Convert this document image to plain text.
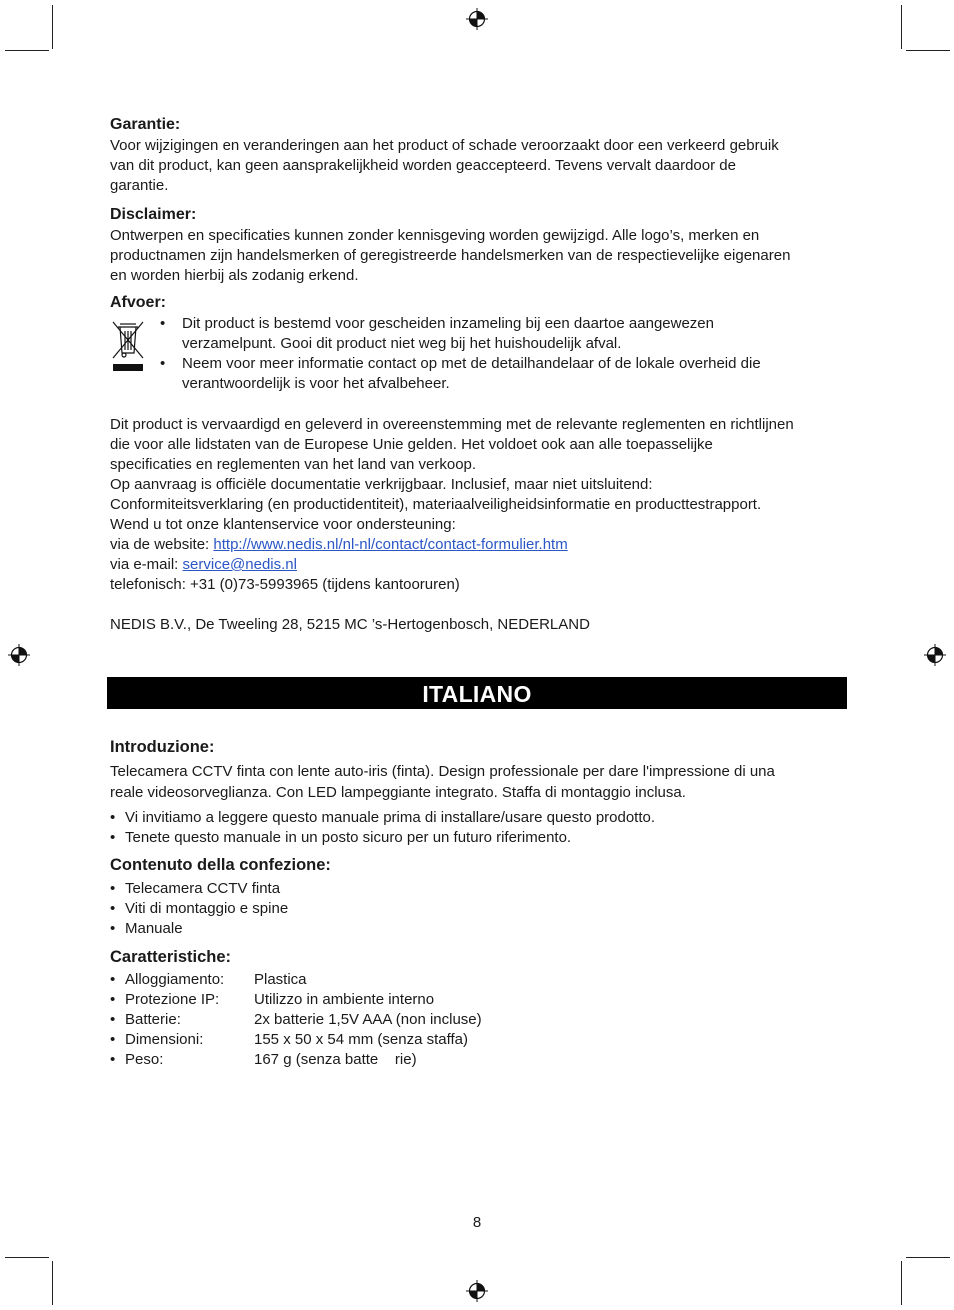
Garantie:

Voor wijzigingen en veranderingen aan het product of schade veroorzaakt door een verkeerd gebruik
van dit product, kan geen aansprakelijkheid worden geaccepteerd. Tevens vervalt daardoor de
garantie.

Disclaimer:

Ontwerpen en specificaties kunnen zonder kennisgeving worden gewijzigd. Alle logo’s, merken en
productnamen zijn handelsmerken of geregistreerde handelsmerken van de respectievelijke eigenaren
en worden hierbij als zodanig erkend.

Afvoer:

• Dit product is bestemd voor gescheiden inzameling bij een daartoe aangewezen
verzamelpunt. Gooi dit product niet weg bij het huishoudelijk afval.
• Neem voor meer informatie contact op met de detailhandelaar of de lokale overheid die
verantwoordelijk is voor het afvalbeheer.
Dit product is vervaardigd en geleverd in overeenstemming met de relevante reglementen en richtlijnen
die voor alle lidstaten van de Europese Unie gelden. Het voldoet ook aan alle toepasselijke
specificaties en reglementen van het land van verkoop.
Op aanvraag is officiële documentatie verkrijgbaar. Inclusief, maar niet uitsluitend:
Conformiteitsverklaring (en productidentiteit), materiaalveiligheidsinformatie en producttestrapport.
Wend u tot onze klantenservice voor ondersteuning:
via de website: http://www.nedis.nl/nl-nl/contact/contact-formulier.htm
via e-mail: service@nedis.nl
telefonisch: +31 (0)73-5993965 (tijdens kantooruren)
NEDIS B.V., De Tweeling 28, 5215 MC ’s-Hertogenbosch, NEDERLAND
ITALIANO

Introduzione:

Telecamera CCTV finta con lente auto-iris (finta). Design professionale per dare l'impressione di una
reale videosorveglianza. Con LED lampeggiante integrato. Staffa di montaggio inclusa.
• Vi invitiamo a leggere questo manuale prima di installare/usare questo prodotto.
• Tenete questo manuale in un posto sicuro per un futuro riferimento.

Contenuto della confezione:

• Telecamera CCTV finta
• Viti di montaggio e spine
• Manuale

Caratteristiche:

• Alloggiamento:	Plastica
• Protezione IP:	Utilizzo in ambiente interno
• Batterie:	2x batterie 1,5V AAA (non incluse)
• Dimensioni:	155 x 50 x 54 mm (senza staffa)
• Peso:	167 g (senza batte    rie)
8
